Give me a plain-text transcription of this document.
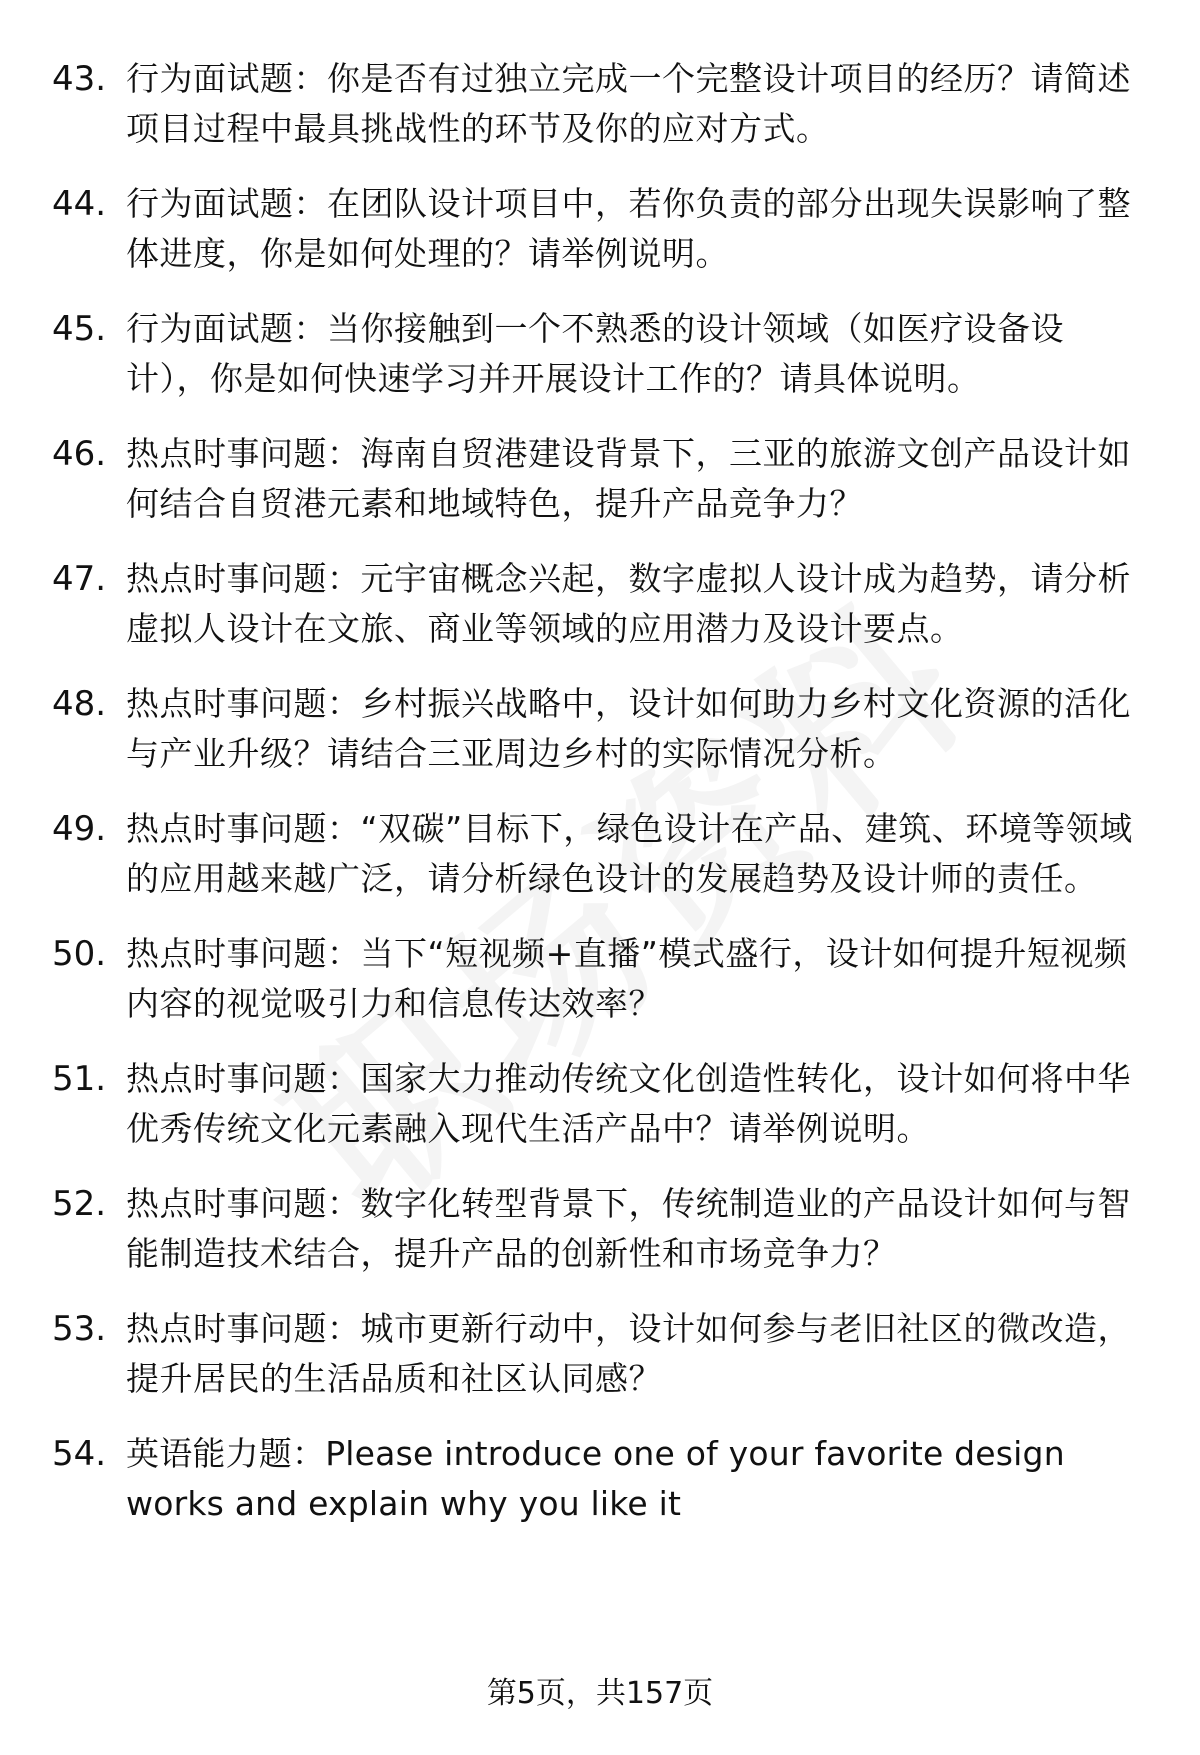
43. 行为面试题：你是否有过独立完成一个完整设计项目的经历？请简述项目过程中最具挑战性的环节及你的应对方式。
44. 行为面试题：在团队设计项目中，若你负责的部分出现失误影响了整体进度，你是如何处理的？请举例说明。
45. 行为面试题：当你接触到一个不熟悉的设计领域（如医疗设备设计），你是如何快速学习并开展设计工作的？请具体说明。
46. 热点时事问题：海南自贸港建设背景下，三亚的旅游文创产品设计如何结合自贸港元素和地域特色，提升产品竞争力？
47. 热点时事问题：元宇宙概念兴起，数字虚拟人设计成为趋势，请分析虚拟人设计在文旅、商业等领域的应用潜力及设计要点。
48. 热点时事问题：乡村振兴战略中，设计如何助力乡村文化资源的活化与产业升级？请结合三亚周边乡村的实际情况分析。
49. 热点时事问题：“双碳”目标下，绿色设计在产品、建筑、环境等领域的应用越来越广泛，请分析绿色设计的发展趋势及设计师的责任。
50. 热点时事问题：当下“短视频+直播”模式盛行，设计如何提升短视频内容的视觉吸引力和信息传达效率？
51. 热点时事问题：国家大力推动传统文化创造性转化，设计如何将中华优秀传统文化元素融入现代生活产品中？请举例说明。
52. 热点时事问题：数字化转型背景下，传统制造业的产品设计如何与智能制造技术结合，提升产品的创新性和市场竞争力？
53. 热点时事问题：城市更新行动中，设计如何参与老旧社区的微改造，提升居民的生活品质和社区认同感？
54. 英语能力题：Please introduce one of your favorite design works and explain why you like it
第5页，共157页
